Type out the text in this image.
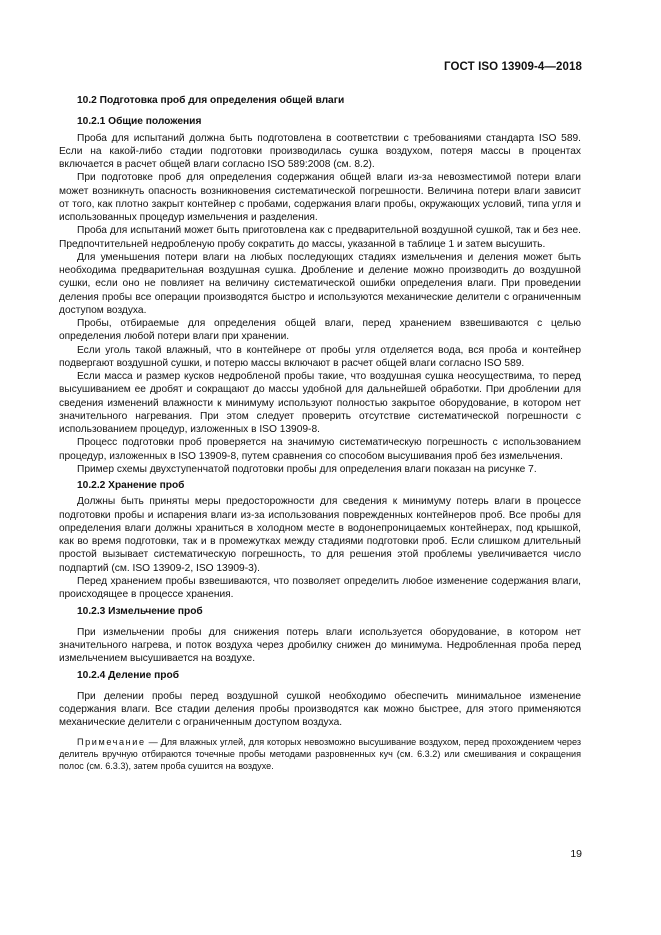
ГОСТ ISO 13909-4—2018
10.2 Подготовка проб для определения общей влаги
10.2.1 Общие положения

Проба для испытаний должна быть подготовлена в соответствии с требованиями стандарта ISO 589. Если на какой-либо стадии подготовки производилась сушка воздухом, потеря массы в процентах включается в расчет общей влаги согласно ISO 589:2008 (см. 8.2).

При подготовке проб для определения содержания общей влаги из-за невозместимой потери влаги может возникнуть опасность возникновения систематической погрешности. Величина потери влаги зависит от того, как плотно закрыт контейнер с пробами, содержания влаги пробы, окружающих условий, типа угля и использованных процедур измельчения и разделения.

Проба для испытаний может быть приготовлена как с предварительной воздушной сушкой, так и без нее. Предпочтительней недробленую пробу сократить до массы, указанной в таблице 1 и затем высушить.

Для уменьшения потери влаги на любых последующих стадиях измельчения и деления может быть необходима предварительная воздушная сушка. Дробление и деление можно производить до воздушной сушки, если оно не повлияет на величину систематической ошибки определения влаги. При проведении деления пробы все операции производятся быстро и используются механические делители с ограниченным доступом воздуха.

Пробы, отбираемые для определения общей влаги, перед хранением взвешиваются с целью определения любой потери влаги при хранении.

Если уголь такой влажный, что в контейнере от пробы угля отделяется вода, вся проба и контейнер подвергают воздушной сушки, и потерю массы включают в расчет общей влаги согласно ISO 589.

Если масса и размер кусков недробленой пробы такие, что воздушная сушка неосуществима, то перед высушиванием ее дробят и сокращают до массы удобной для дальнейшей обработки. При дроблении для сведения изменений влажности к минимуму используют полностью закрытое оборудование, в котором нет значительного нагревания. При этом следует проверить отсутствие систематической погрешности с использованием процедур, изложенных в ISO 13909-8.

Процесс подготовки проб проверяется на значимую систематическую погрешность с использованием процедур, изложенных в ISO 13909-8, путем сравнения со способом высушивания проб без измельчения.

Пример схемы двухступенчатой подготовки пробы для определения влаги показан на рисунке 7.

10.2.2 Хранение проб

Должны быть приняты меры предосторожности для сведения к минимуму потерь влаги в процессе подготовки пробы и испарения влаги из-за использования поврежденных контейнеров проб. Все пробы для определения влаги должны храниться в холодном месте в водонепроницаемых контейнерах, под крышкой, как во время подготовки, так и в промежутках между стадиями подготовки проб. Если слишком длительный простой вызывает систематическую погрешность, то для решения этой проблемы увеличивается число подпартий (см. ISO 13909-2, ISO 13909-3).

Перед хранением пробы взвешиваются, что позволяет определить любое изменение содержания влаги, происходящее в процессе хранения.

10.2.3 Измельчение проб

При измельчении пробы для снижения потерь влаги используется оборудование, в котором нет значительного нагрева, и поток воздуха через дробилку снижен до минимума. Недробленная проба перед измельчением высушивается на воздухе.

10.2.4 Деление проб

При делении пробы перед воздушной сушкой необходимо обеспечить минимальное изменение содержания влаги. Все стадии деления пробы производятся как можно быстрее, для этого применяются механические делители с ограниченным доступом воздуха.

Примечание — Для влажных углей, для которых невозможно высушивание воздухом, перед прохождением через делитель вручную отбираются точечные пробы методами разровненных куч (см. 6.3.2) или смешивания и сокращения полос (см. 6.3.3), затем проба сушится на воздухе.
19
